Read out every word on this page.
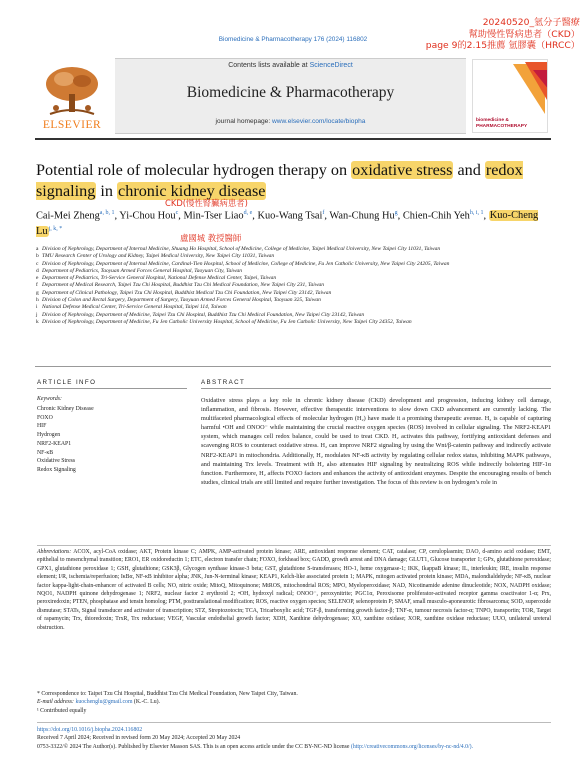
20240520_氫分子醫療
幫助慢性腎病患者（CKD）
page 9的2.15推薦 氫膠囊（HRCC）
Biomedicine & Pharmacotherapy 176 (2024) 116802
ELSEVIER
Contents lists available at ScienceDirect
Biomedicine & Pharmacotherapy
journal homepage: www.elsevier.com/locate/biopha	biomedicine & PHARMACOTHERAPY
Potential role of molecular hydrogen therapy on oxidative stress and redox signaling in chronic kidney disease
CKD(慢性腎臟病患者)
Cai-Mei Zheng$^{a, b, 1}$, Yi-Chou Hou$^c$, Min-Tser Liao$^{d, e}$, Kuo-Wang Tsai$^f$, Wan-Chung Hu$^g$, Chien-Chih Yeh$^{h, i, 1}$, Kuo-Cheng $Lu^{j, k, *}$
盧國城 教授醫師
a Division of Nephrology, Department of Internal Medicine, Shuang Ho Hospital, School of Medicine, College of Medicine, Taipei Medical University, New Taipei City 11031, Taiwan
b TMU Research Center of Urology and Kidney, Taipei Medical University, New Taipei City 11031, Taiwan
c Division of Nephrology, Department of Internal Medicine, Cardinal-Tien Hospital, School of Medicine, College of Medicine, Fu Jen Catholic University, New Taipei City 24205, Taiwan
d Department of Pediatrics, Taoyuan Armed Forces General Hospital, Taoyuan City, Taiwan
e Department of Pediatrics, Tri-Service General Hospital, National Defense Medical Center, Taipei, Taiwan
f Department of Medical Research, Taipei Tzu Chi Hospital, Buddhist Tzu Chi Medical Foundation, New Taipei City 231, Taiwan
g Department of Clinical Pathology, Taipei Tzu Chi Hospital, Buddhist Medical Tzu Chi Foundation, New Taipei City 23142, Taiwan
h Division of Colon and Rectal Surgery, Department of Surgery, Taoyuan Armed Forces General Hospital, Taoyuan 325, Taiwan
i National Defense Medical Center, Tri-Service General Hospital, Taipei 114, Taiwan
j Division of Nephrology, Department of Medicine, Taipei Tzu Chi Hospital, Buddhist Tzu Chi Medical Foundation, New Taipei City 23142, Taiwan
k Division of Nephrology, Department of Medicine, Fu Jen Catholic University Hospital, School of Medicine, Fu Jen Catholic University, New Taipei City 24352, Taiwan
ARTICLE INFO	ABSTRACT
Keywords:
Chronic Kidney Disease
FOXO
HIF
Hydrogen
NRF2-KEAP1
NF-κB
Oxidative Stress
Redox Signaling
Oxidative stress plays a key role in chronic kidney disease (CKD) development and progression, inducing kidney cell damage, inflammation, and fibrosis. However, effective therapeutic interventions to slow down CKD advancement are currently lacking. The multifaceted pharmacological effects of molecular hydrogen (H₂) have made it a promising therapeutic avenue. H₂ is capable of capturing harmful •OH and ONOO⁻ while maintaining the crucial reactive oxygen species (ROS) involved in cellular signaling. The NRF2-KEAP1 system, which manages cell redox balance, could be used to treat CKD. H₂ activates this pathway, fortifying antioxidant defenses and scavenging ROS to counteract oxidative stress. H₂ can improve NRF2 signaling by using the Wnt/β-catenin pathway and indirectly activate NRF2-KEAP1 in mitochondria. Additionally, H₂ modulates NF-κB activity by regulating cellular redox status, inhibiting MAPK pathways, and maintaining Trx levels. Treatment with H₂ also attenuates HIF signaling by neutralizing ROS while indirectly bolstering HIF-1α function. Furthermore, H₂ affects FOXO factors and enhances the activity of antioxidant enzymes. Despite the encouraging results of bench studies, clinical trials are still limited and require further investigation. The focus of this review is on hydrogen’s role in
Abbreviations: ACOX, acyl-CoA oxidase; AKT, Protein kinase C; AMPK, AMP-activated protein kinase; ARE, antioxidant response element; CAT, catalase; CP, ceruloplasmin; DAO, d-amino acid oxidase; EMT, epithelial to mesenchymal transition; ERO1, ER oxidoreductin 1; ETC, electron transfer chain; FOXO, forkhead box; GADD, growth arrest and DNA damage; GLUT1, Glucose transporter 1; GPx, glutathione peroxidase; GPX1, glutathione peroxidase 1; GSH, glutathione; GSK3β, Glycogen synthase kinase-3 beta; GST, glutathione S-transferases; HO-1, heme oxygenase-1; IKK, IkappaB kinase; IL, interleukin; IRE, insulin response element; I/R, ischemia/reperfusion; IκBα, NF-κB inhibitor alpha; JNK, Jun-N-terminal kinase; KEAP1, Kelch-like associated protein 1; MAPK, mitogen activated protein kinase; MDA, malondialdehyde; NF-κB, nuclear factor kappa-light-chain-enhancer of activated B cells; NO, nitric oxide; MitoQ, Mitoquinone; MtROS, mitochondrial ROS; MPO, Myeloperoxidase; NAD, Nicotinamide adenine dinucleotide; NOX, NADPH oxidase; NQO1, NADPH quinone dehydrogenase 1; NRF2, nuclear factor 2 erythroid 2; •OH, hydroxyl radical; ONOO⁻, peroxynitrite; PGC1α, Peroxisome proliferator-activated receptor gamma coactivator 1-α; Prx, peroxiredoxin; PTEN, phosphatase and tensin homolog; PTM, posttranslational modification; ROS, reactive oxygen species; SELENOP, selenoprotein P; SMAF, small musculo-aponeurotic fibrosarcoma; SOD, superoxide dismutase; STATs, Signal transducer and activator of transcription; STZ, Streptozotocin; TCA, Tricarboxylic acid; TGF-β, transforming growth factor-β; TNF-α, tumour necrosis factor-α; TNPO, transportin; TOR, Target of rapamycin; Trx, thioredoxin; TrxR, Trx reductase; VEGF, Vascular endothelial growth factor; XDH, Xanthine dehydrogenase; XO, xanthine oxidase; XOR, xanthine oxidase reductase; UUO, unilateral ureteral obstruction.
* Correspondence to: Taipei Tzu Chi Hospital, Buddhist Tzu Chi Medical Foundation, New Taipei City, Taiwan.
E-mail address: kuochenglu@gmail.com (K.-C. Lu).
¹ Contributed equally
https://doi.org/10.1016/j.biopha.2024.116802
Received 7 April 2024; Received in revised form 20 May 2024; Accepted 20 May 2024
0753-3322/© 2024 The Author(s). Published by Elsevier Masson SAS. This is an open access article under the CC BY-NC-ND license (http://creativecommons.org/licenses/by-nc-nd/4.0/).
